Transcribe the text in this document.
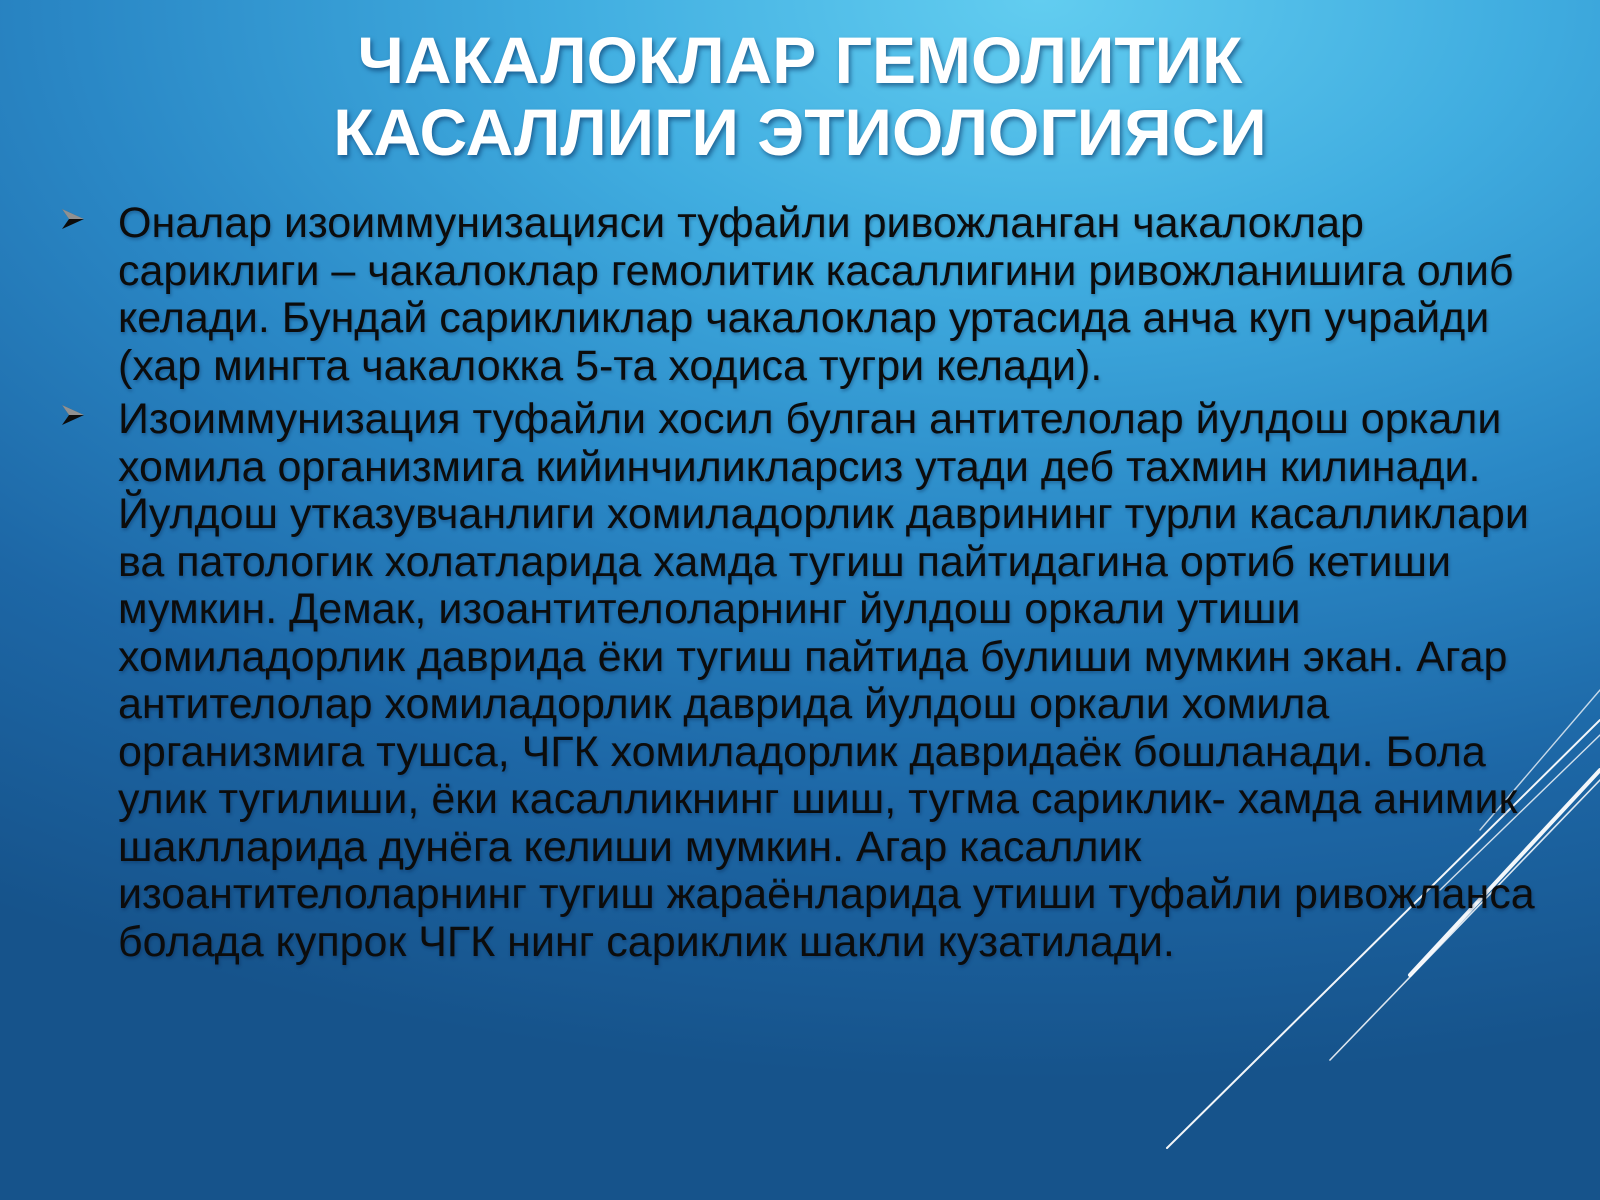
ЧАКАЛОКЛАР ГЕМОЛИТИК
КАСАЛЛИГИ ЭТИОЛОГИЯСИ
Оналар изоиммунизацияси туфайли ривожланган чакалоклар сариклиги – чакалоклар гемолитик касаллигини ривожланишига олиб келади. Бундай сарикликлар чакалоклар уртасида анча куп учрайди (хар мингта чакалокка 5-та ходиса тугри келади).
Изоиммунизация туфайли хосил булган антителолар йулдош оркали хомила организмига кийинчиликларсиз утади деб тахмин килинади. Йулдош утказувчанлиги хомиладорлик даврининг турли касалликлари ва патологик холатларида хамда тугиш пайтидагина ортиб кетиши мумкин. Демак, изоантителоларнинг йулдош оркали утиши хомиладорлик даврида ёки тугиш пайтида булиши мумкин экан. Агар антителолар хомиладорлик даврида йулдош оркали хомила организмига тушса, ЧГК хомиладорлик давридаёк бошланади. Бола улик тугилиши, ёки касалликнинг шиш, тугма сариклик- хамда анимик шаклларида дунёга келиши мумкин. Агар касаллик изоантителоларнинг тугиш жараёнларида утиши туфайли ривожланса болада купрок ЧГК нинг сариклик шакли кузатилади.
